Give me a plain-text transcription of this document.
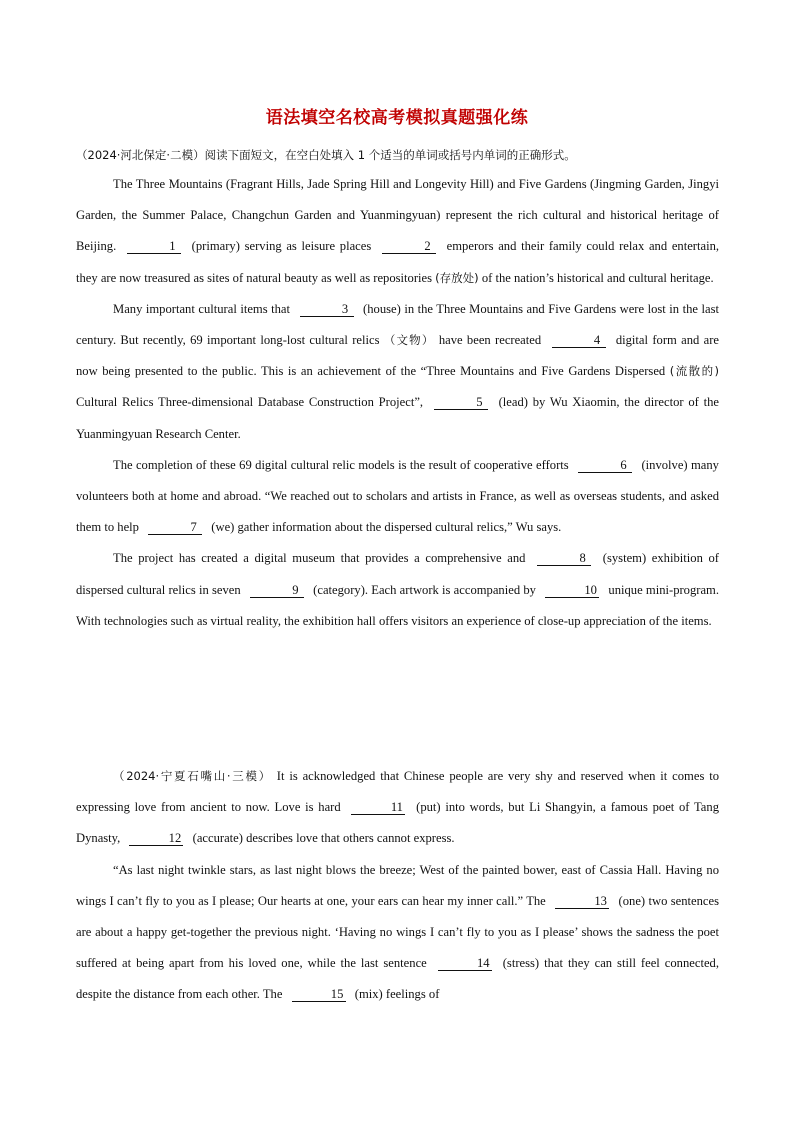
语法填空名校高考模拟真题强化练
（2024·河北保定·二模）阅读下面短文，在空白处填入 1 个适当的单词或括号内单词的正确形式。

The Three Mountains (Fragrant Hills, Jade Spring Hill and Longevity Hill) and Five Gardens (Jingming Garden, Jingyi Garden, the Summer Palace, Changchun Garden and Yuanmingyuan) represent the rich cultural and historical heritage of Beijing.	1 (primary) serving as leisure places	2 emperors and their family could relax and entertain, they are now treasured as sites of natural beauty as well as repositories (存放处) of the nation’s historical and cultural heritage.

Many important cultural items that	3 (house) in the Three Mountains and Five Gardens were lost in the last century. But recently, 69 important long-lost cultural relics （文物） have been recreated	4 digital form and are now being presented to the public. This is an achievement of the “Three Mountains and Five Gardens Dispersed (流散的) Cultural Relics Three-dimensional Database Construction Project”,	5 (lead) by Wu Xiaomin, the director of the Yuanmingyuan Research Center.

The completion of these 69 digital cultural relic models is the result of cooperative efforts	6 (involve) many volunteers both at home and abroad. “We reached out to scholars and artists in France, as well as overseas students, and asked them to help	7 (we) gather information about the dispersed cultural relics,” Wu says.

The project has created a digital museum that provides a comprehensive and	8 (system) exhibition of dispersed cultural relics in seven	9 (category). Each artwork is accompanied by	10 unique mini-program. With technologies such as virtual reality, the exhibition hall offers visitors an experience of close-up appreciation of the items.

（2024·宁夏石嘴山·三模） It is acknowledged that Chinese people are very shy and reserved when it comes to expressing love from ancient to now. Love is hard	11 (put) into words, but Li Shangyin, a famous poet of Tang Dynasty,	12 (accurate) describes love that others cannot express.

“As last night twinkle stars, as last night blows the breeze; West of the painted bower, east of Cassia Hall. Having no wings I can’t fly to you as I please; Our hearts at one, your ears can hear my inner call.” The	13 (one) two sentences are about a happy get-together the previous night. ‘Having no wings I can’t fly to you as I please’ shows the sadness the poet suffered at being apart from his loved one, while the last sentence	14 (stress) that they can still feel connected, despite the distance from each other. The	15 (mix) feelings of
